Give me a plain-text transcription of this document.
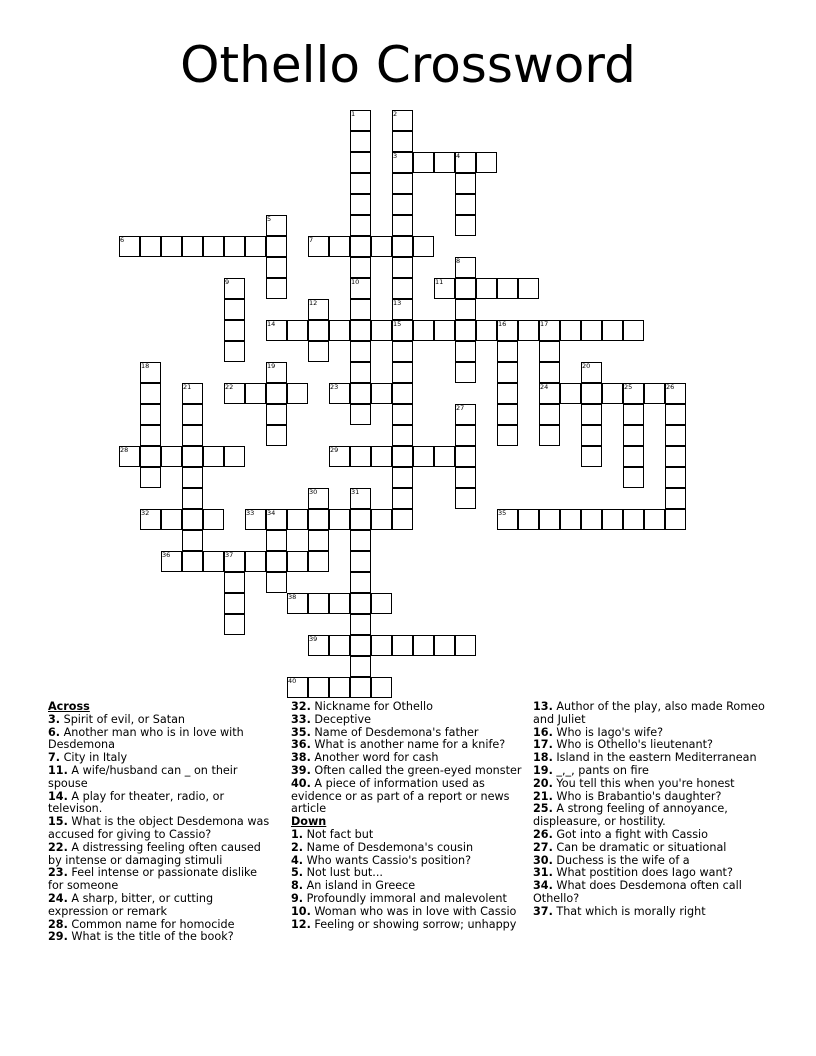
Othello Crossword
1	2
3	4
5
6	7
8
9	10	11
12	13
14	15	16	17
18	19	20
21	22	23	24	25	26
27
28	29
30	31
32	33 34	35
36	37
38
39
40
Across
3. Spirit of evil, or Satan
6. Another man who is in love with Desdemona
7. City in Italy
11. A wife/husband can _ on their spouse
14. A play for theater, radio, or televison.
15. What is the object Desdemona was accused for giving to Cassio?
22. A distressing feeling often caused by intense or damaging stimuli
23. Feel intense or passionate dislike for someone
24. A sharp, bitter, or cutting expression or remark
28. Common name for homocide
29. What is the title of the book?
32. Nickname for Othello
33. Deceptive
35. Name of Desdemona's father
36. What is another name for a knife?
38. Another word for cash
39. Often called the green-eyed monster
40. A piece of information used as evidence or as part of a report or news article
Down
1. Not fact but
2. Name of Desdemona's cousin
4. Who wants Cassio's position?
5. Not lust but...
8. An island in Greece
9. Profoundly immoral and malevolent
10. Woman who was in love with Cassio
12. Feeling or showing sorrow; unhappy
13. Author of the play, also made Romeo and Juliet
16. Who is Iago's wife?
17. Who is Othello's lieutenant?
18. Island in the eastern Mediterranean
19. _,_, pants on fire
20. You tell this when you're honest
21. Who is Brabantio's daughter?
25. A strong feeling of annoyance, displeasure, or hostility.
26. Got into a fight with Cassio
27. Can be dramatic or situational
30. Duchess is the wife of a
31. What postition does Iago want?
34. What does Desdemona often call Othello?
37. That which is morally right
